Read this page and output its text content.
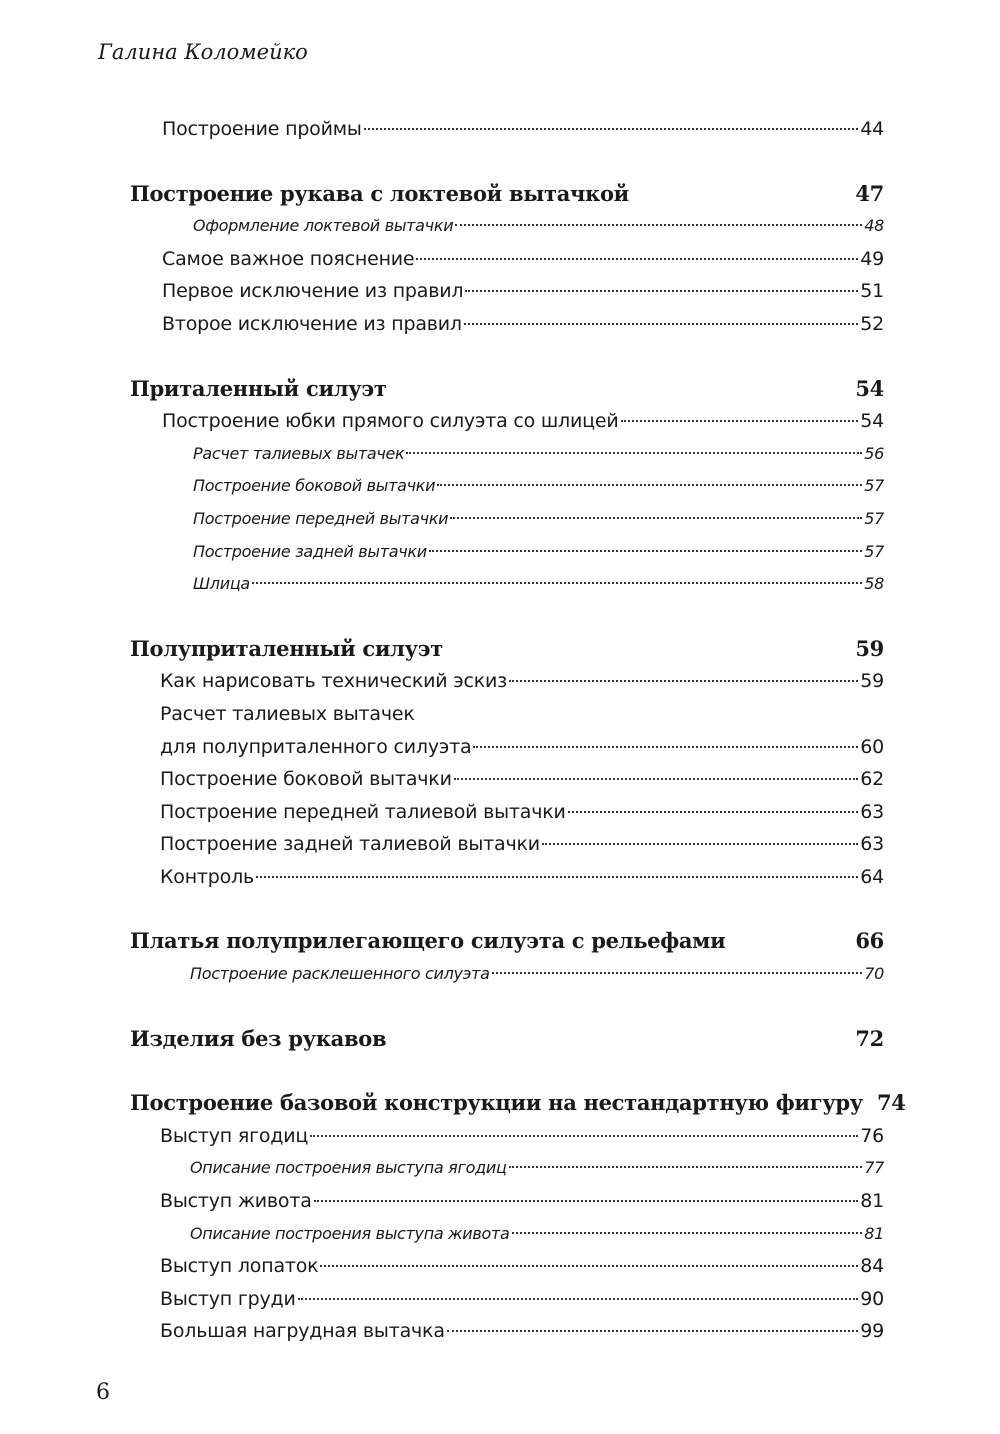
Галина Коломейко
Построение проймы	44
Построение рукава с локтевой вытачкой	47
Оформление локтевой вытачки	48
Самое важное пояснение	49
Первое исключение из правил	51
Второе исключение из правил	52
Приталенный силуэт	54
Построение юбки прямого силуэта со шлицей	54
Расчет талиевых вытачек	56
Построение боковой вытачки	57
Построение передней вытачки	57
Построение задней вытачки	57
Шлица	58
Полуприталенный силуэт	59
Как нарисовать технический эскиз	59
Расчет талиевых вытачек
для полуприталенного силуэта	60
Построение боковой вытачки	62
Построение передней талиевой вытачки	63
Построение задней талиевой вытачки	63
Контроль	64
Платья полуприлегающего силуэта с рельефами	66
Построение расклешенного силуэта	70
Изделия без рукавов	72
Построение базовой конструкции на нестандартную фигуру 74
Выступ ягодиц	76
Описание построения выступа ягодиц	77
Выступ живота	81
Описание построения выступа живота	81
Выступ лопаток	84
Выступ груди	90
Большая нагрудная вытачка	99
6
